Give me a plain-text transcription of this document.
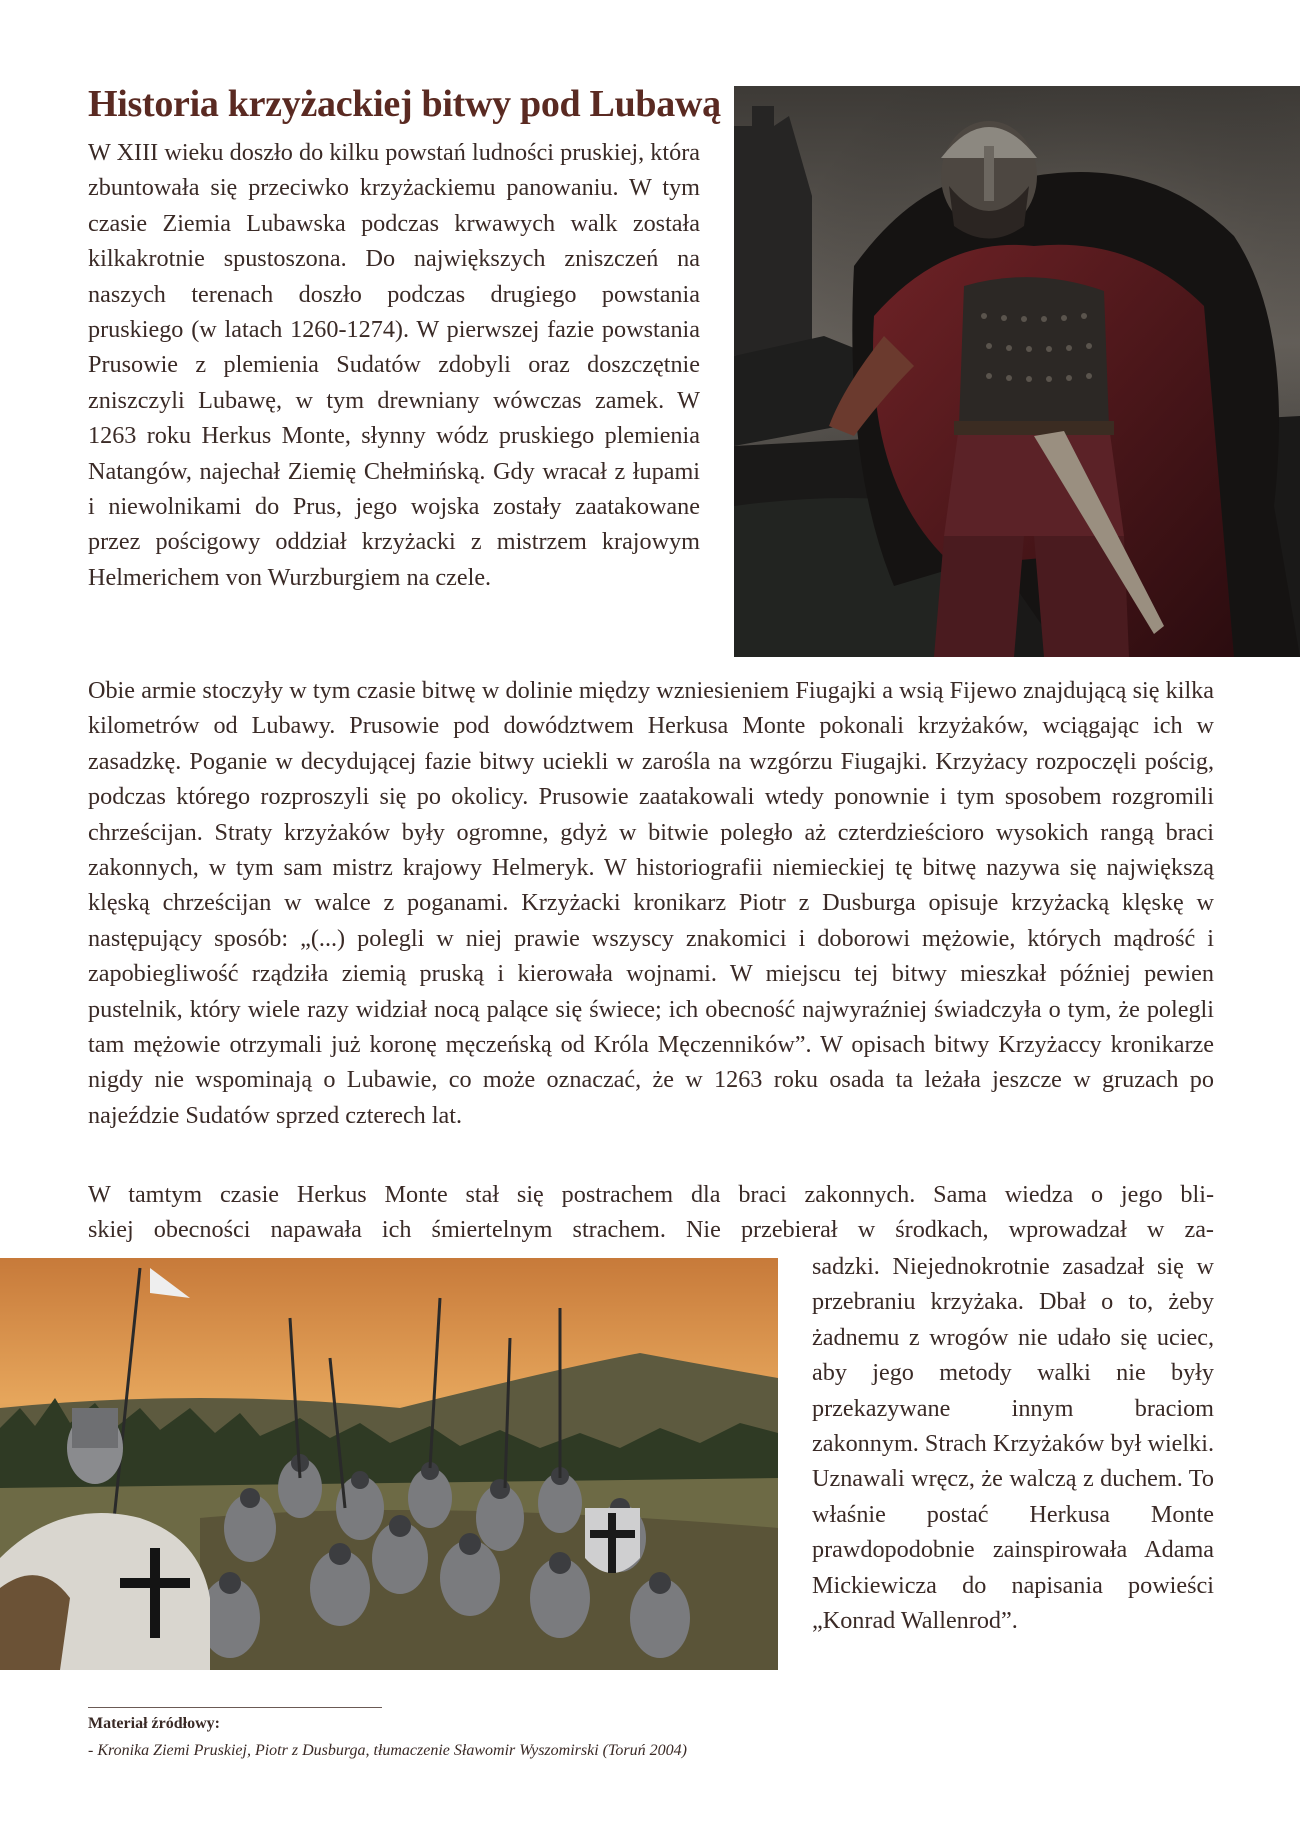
Historia krzyżackiej bitwy pod Lubawą

W XIII wieku doszło do kilku powstań ludności pruskiej, która zbuntowała się przeciwko krzyżackiemu panowaniu. W tym czasie Ziemia Lubawska podczas krwawych walk została kilkakrotnie spustoszona. Do największych zniszczeń na naszych terenach doszło podczas drugiego powstania pruskiego (w latach 1260-1274). W pierwszej fazie powstania Prusowie z plemienia Sudatów zdobyli oraz doszczętnie zniszczyli Lubawę, w tym drewniany wówczas zamek. W 1263 roku Herkus Monte, słynny wódz pruskiego plemienia Natangów, najechał Ziemię Chełmińską. Gdy wracał z łupami i niewolnikami do Prus, jego wojska zostały zaatakowane przez pościgowy oddział krzyżacki z mistrzem krajowym Helmerichem von Wurzburgiem na czele.

Obie armie stoczyły w tym czasie bitwę w dolinie między wzniesieniem Fiugajki a wsią Fijewo znajdującą się kilka kilometrów od Lubawy. Prusowie pod dowództwem Herkusa Monte pokonali krzyżaków, wciągając ich w zasadzkę. Poganie w decydującej fazie bitwy uciekli w zarośla na wzgórzu Fiugajki. Krzyżacy rozpoczęli pościg, podczas którego rozproszyli się po okolicy. Prusowie zaatakowali wtedy ponownie i tym sposobem rozgromili chrześcijan. Straty krzyżaków były ogromne, gdyż w bitwie poległo aż czterdzieścioro wysokich rangą braci zakonnych, w tym sam mistrz krajowy Helmeryk. W historiografii niemieckiej tę bitwę nazywa się największą klęską chrześcijan w walce z poganami. Krzyżacki kronikarz Piotr z Dusburga opisuje krzyżacką klęskę w następujący sposób: „(...) polegli w niej prawie wszyscy znakomici i doborowi mężowie, których mądrość i zapobiegliwość rządziła ziemią pruską i kierowała wojnami. W miejscu tej bitwy mieszkał później pewien pustelnik, który wiele razy widział nocą palące się świece; ich obecność najwyraźniej świadczyła o tym, że polegli tam mężowie otrzymali już koronę męczeńską od Króla Męczenników”. W opisach bitwy Krzyżaccy kronikarze nigdy nie wspominają o Lubawie, co może oznaczać, że w 1263 roku osada ta leżała jeszcze w gruzach po najeździe Sudatów sprzed czterech lat.

W tamtym czasie Herkus Monte stał się postrachem dla braci zakonnych. Sama wiedza o jego bli-
skiej obecności napawała ich śmiertelnym strachem. Nie przebierał w środkach, wprowadzał w za-

sadzki. Niejednokrotnie zasadzał się w przebraniu krzyżaka. Dbał o to, żeby żadnemu z wrogów nie udało się uciec, aby jego metody walki nie były przekazywane innym braciom zakonnym. Strach Krzyżaków był wielki. Uznawali wręcz, że walczą z duchem. To właśnie postać Herkusa Monte prawdopodobnie zainspirowała Adama Mickiewicza do napisania powieści „Konrad Wallenrod”.

Materiał źródłowy:

- Kronika Ziemi Pruskiej, Piotr z Dusburga, tłumaczenie Sławomir Wyszomirski (Toruń 2004)
